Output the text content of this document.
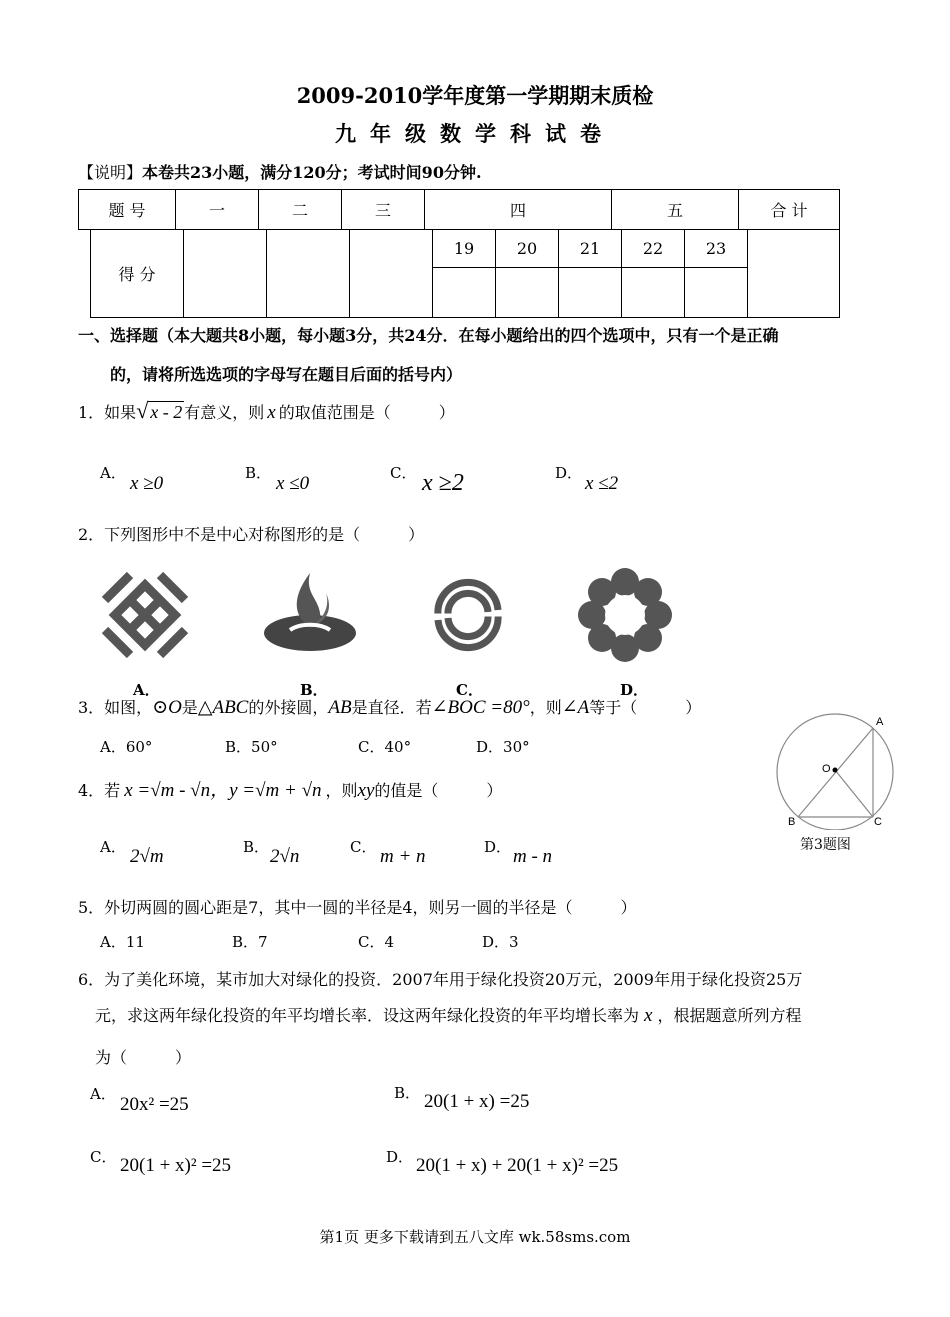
2009-2010学年度第一学期期末质检
九年级数学科试卷
【说明】本卷共23小题，满分120分；考试时间90分钟.
题 号	一	二	三	四	五	合 计
得 分				19	20	21	22	23	

一、选择题（本大题共8小题，每小题3分，共24分．在每小题给出的四个选项中，只有一个是正确
的，请将所选选项的字母写在题目后面的括号内）
1．如果√ x - 2 有意义，则 x 的取值范围是（　　　）
A． x ≥0	B． x ≤0	C． x ≥2	D． x ≤2
2．下列图形中不是中心对称图形的是（　　　）
A．	B．	C．	D．
3．如图，⊙O是△ABC的外接圆，AB是直径．若∠BOC =80°，则∠A等于（　　　）
A．60°	B．50°	C．40°	D．30°
A
O
B	C
第3题图
4．若 x =√m - √n，y =√m + √n ，则xy的值是（　　　）
A． 2√m	B． 2√n	C． m + n	D． m - n
5．外切两圆的圆心距是7，其中一圆的半径是4，则另一圆的半径是（　　　）
A．11	B．7	C．4	D．3
6．为了美化环境，某市加大对绿化的投资．2007年用于绿化投资20万元，2009年用于绿化投资25万
元，求这两年绿化投资的年平均增长率．设这两年绿化投资的年平均增长率为 x ，根据题意所列方程
为（　　　）
A． 20x² =25
B． 20(1 + x) =25
C． 20(1 + x)² =25	D． 20(1 + x) + 20(1 + x)² =25
第1页 更多下载请到五八文库 wk.58sms.com
